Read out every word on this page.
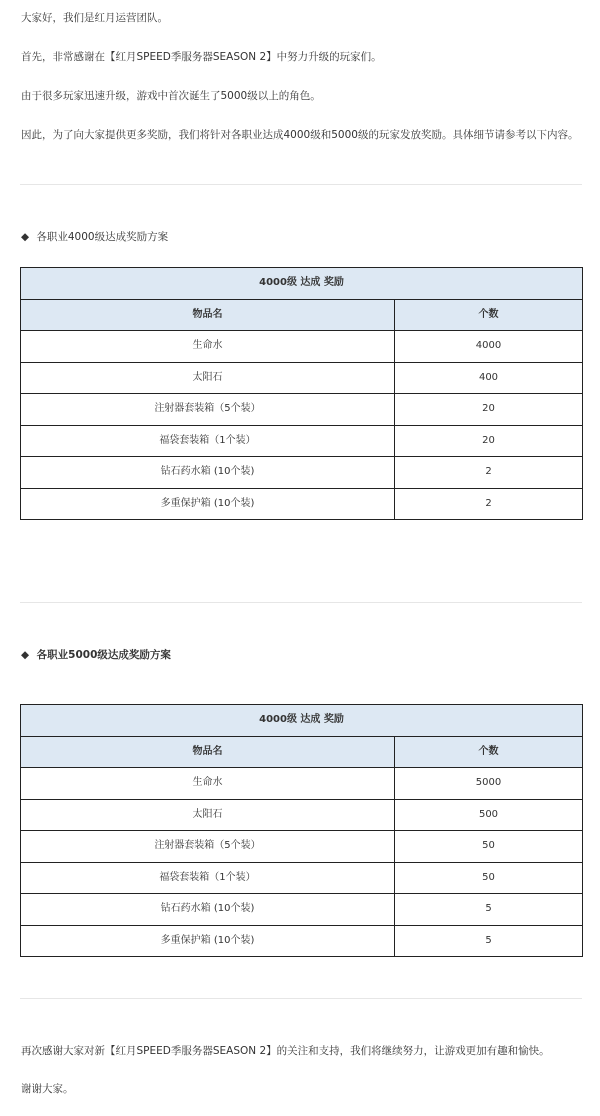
大家好，我们是红月运营团队。
首先，非常感谢在【红月SPEED季服务器SEASON 2】中努力升级的玩家们。
由于很多玩家迅速升级，游戏中首次诞生了5000级以上的角色。
因此，为了向大家提供更多奖励，我们将针对各职业达成4000级和5000级的玩家发放奖励。具体细节请参考以下内容。
◆ 各职业4000级达成奖励方案
4000级 达成 奖励	
物品名	个数
生命水	4000
太阳石	400
注射器套装箱（5个装）	20
福袋套装箱（1个装）	20
钻石药水箱 (10个装)	2
多重保护箱 (10个装)	2
◆ 各职业5000级达成奖励方案
4000级 达成 奖励	
物品名	个数
生命水	5000
太阳石	500
注射器套装箱（5个装）	50
福袋套装箱（1个装）	50
钻石药水箱 (10个装)	5
多重保护箱 (10个装)	5
再次感谢大家对新【红月SPEED季服务器SEASON 2】的关注和支持，我们将继续努力，让游戏更加有趣和愉快。
谢谢大家。
